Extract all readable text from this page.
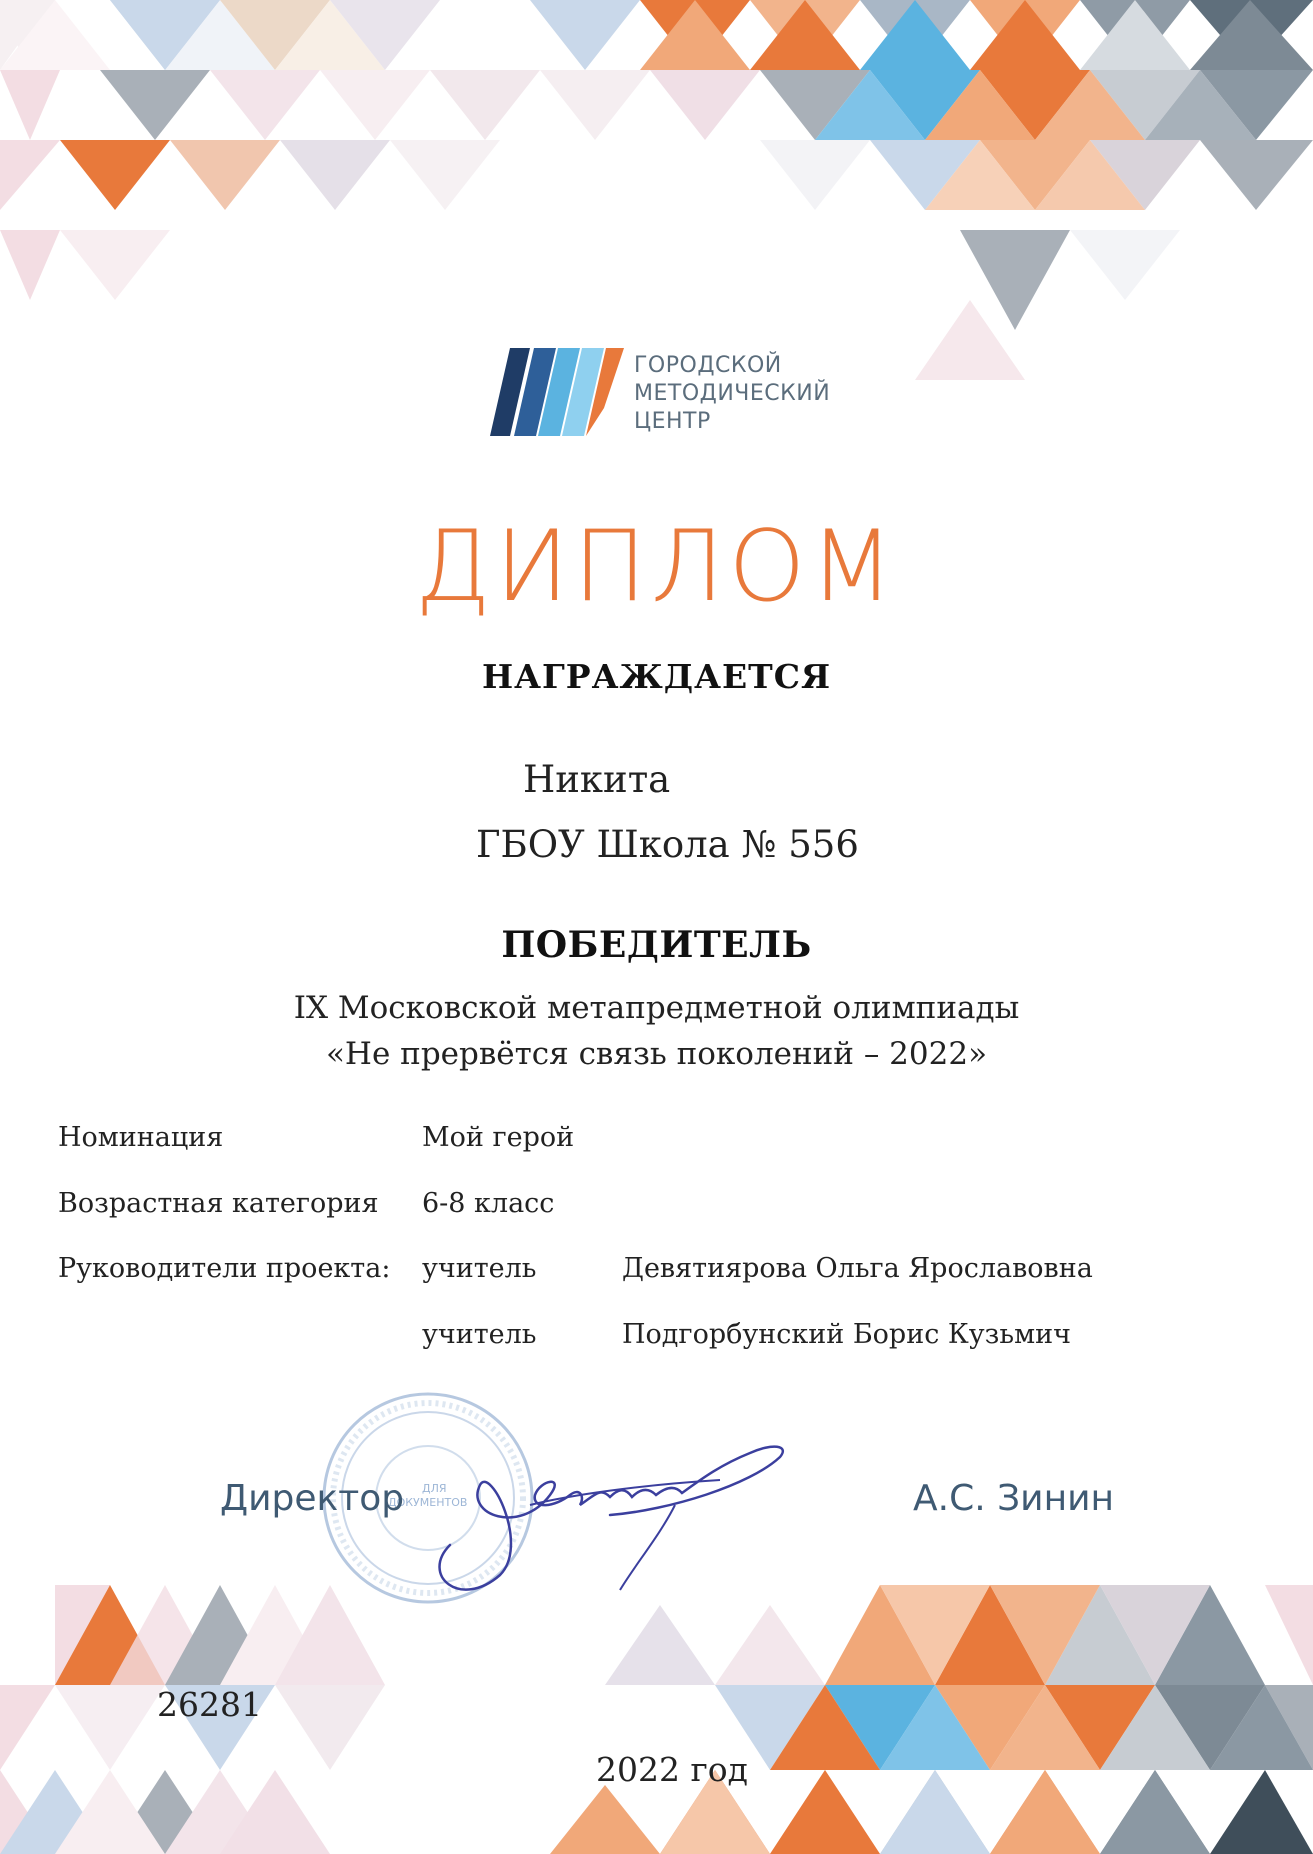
ГОРОДСКОЙ
МЕТОДИЧЕСКИЙ
ЦЕНТР
ДИПЛОМ
НАГРАЖДАЕТСЯ
Никита
ГБОУ Школа № 556
ПОБЕДИТЕЛЬ
IX Московской метапредметной олимпиады
«Не прервётся связь поколений – 2022»
Номинация	Мой герой
Возрастная категория 6-8 класс
Руководители проекта: учитель	Девятиярова Ольга Ярославовна
учитель	Подгорбунский Борис Кузьмич
ДЛЯ
ДОКУМЕНТОВ
Директор	А.С. Зинин
26281
2022 год
